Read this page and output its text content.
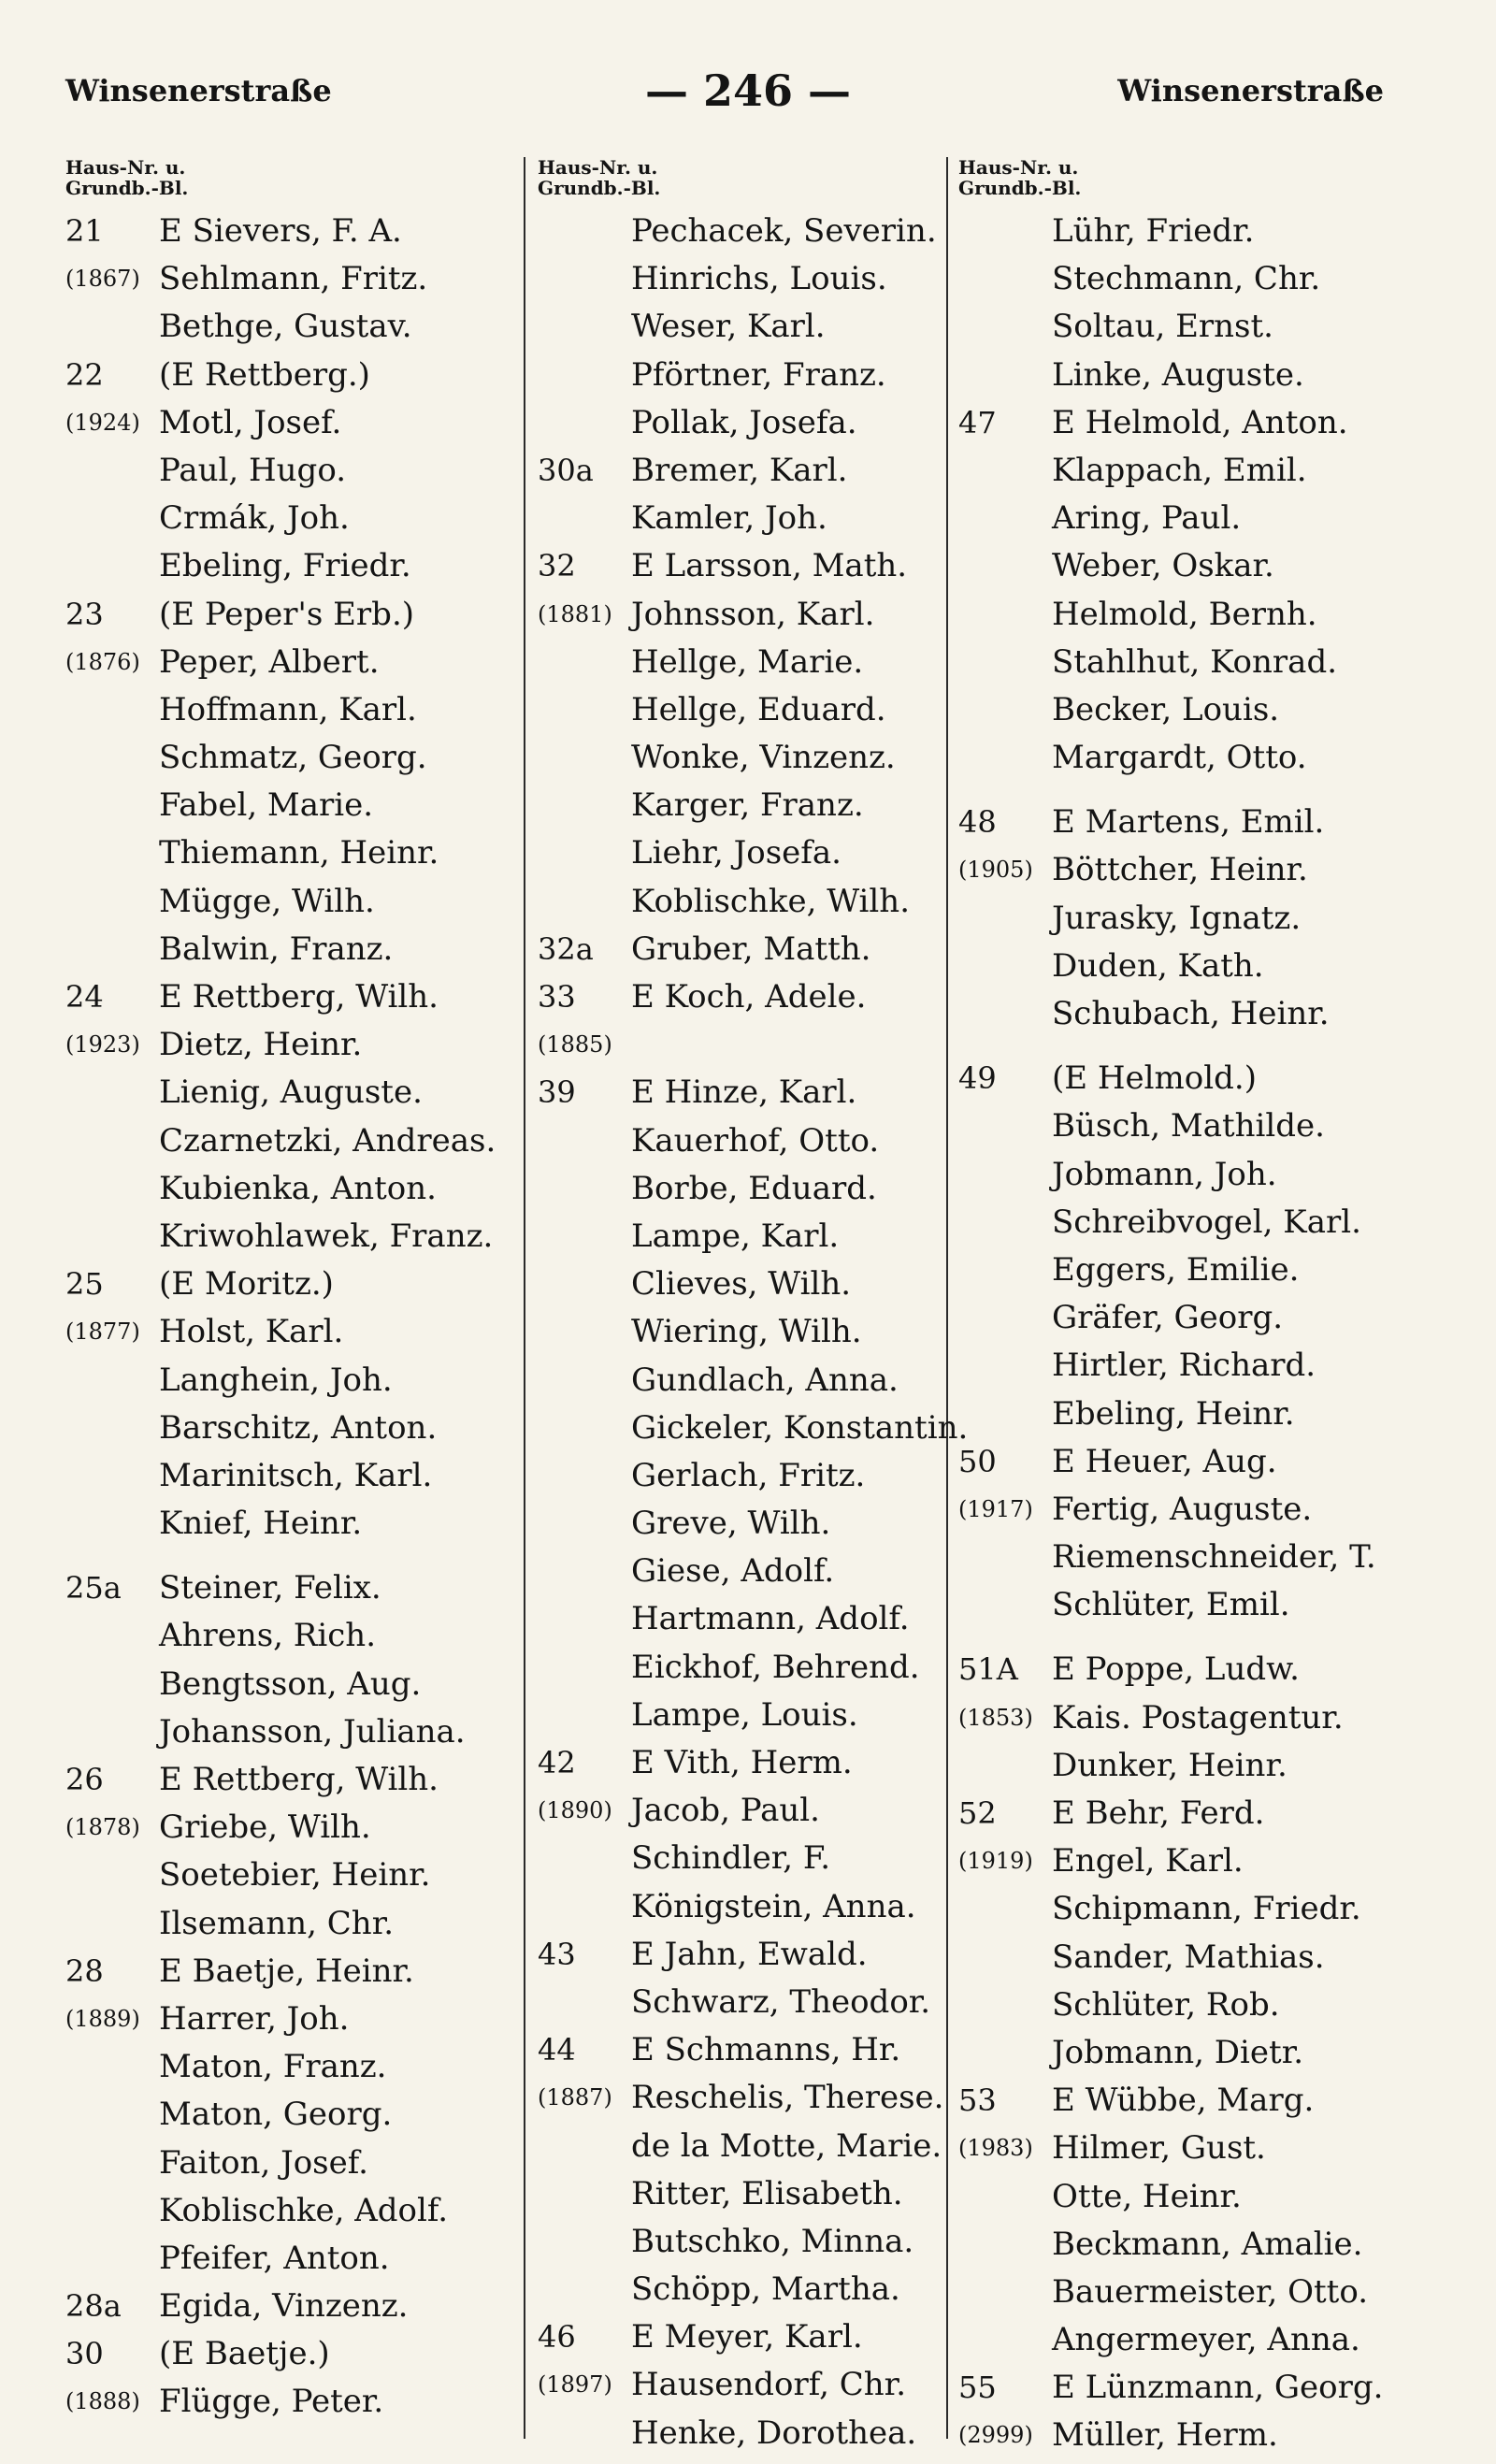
Winsenerstraße	— 246 —	Winsenerstraße
Haus-Nr. u.
Grundb.-Bl.
21 E Sievers, F. A.
(1867) Sehlmann, Fritz.
Bethge, Gustav.
22 (E Rettberg.)
(1924) Motl, Josef.
Paul, Hugo.
Crmák, Joh.
Ebeling, Friedr.
23 (E Peper's Erb.)
(1876) Peper, Albert.
Hoffmann, Karl.
Schmatz, Georg.
Fabel, Marie.
Thiemann, Heinr.
Mügge, Wilh.
Balwin, Franz.
24 E Rettberg, Wilh.
(1923) Dietz, Heinr.
Lienig, Auguste.
Czarnetzki, Andreas.
Kubienka, Anton.
Kriwohlawek, Franz.
25 (E Moritz.)
(1877) Holst, Karl.
Langhein, Joh.
Barschitz, Anton.
Marinitsch, Karl.
Knief, Heinr.
25a Steiner, Felix.
Ahrens, Rich.
Bengtsson, Aug.
Johansson, Juliana.
26 E Rettberg, Wilh.
(1878) Griebe, Wilh.
Soetebier, Heinr.
Ilsemann, Chr.
28 E Baetje, Heinr.
(1889) Harrer, Joh.
Maton, Franz.
Maton, Georg.
Faiton, Josef.
Koblischke, Adolf.
Pfeifer, Anton.
28a Egida, Vinzenz.
30 (E Baetje.)
(1888) Flügge, Peter.
Haus-Nr. u.
Grundb.-Bl.
Pechacek, Severin.
Hinrichs, Louis.
Weser, Karl.
Pförtner, Franz.
Pollak, Josefa.
30a Bremer, Karl.
Kamler, Joh.
32 E Larsson, Math.
(1881) Johnsson, Karl.
Hellge, Marie.
Hellge, Eduard.
Wonke, Vinzenz.
Karger, Franz.
Liehr, Josefa.
Koblischke, Wilh.
32a Gruber, Matth.
33 E Koch, Adele.
(1885)
39 E Hinze, Karl.
Kauerhof, Otto.
Borbe, Eduard.
Lampe, Karl.
Clieves, Wilh.
Wiering, Wilh.
Gundlach, Anna.
Gickeler, Konstantin.
Gerlach, Fritz.
Greve, Wilh.
Giese, Adolf.
Hartmann, Adolf.
Eickhof, Behrend.
Lampe, Louis.
42 E Vith, Herm.
(1890) Jacob, Paul.
Schindler, F.
Königstein, Anna.
43 E Jahn, Ewald.
Schwarz, Theodor.
44 E Schmanns, Hr.
(1887) Reschelis, Therese.
de la Motte, Marie.
Ritter, Elisabeth.
Butschko, Minna.
Schöpp, Martha.
46 E Meyer, Karl.
(1897) Hausendorf, Chr.
Henke, Dorothea.
Haus-Nr. u.
Grundb.-Bl.
Lühr, Friedr.
Stechmann, Chr.
Soltau, Ernst.
Linke, Auguste.
47 E Helmold, Anton.
Klappach, Emil.
Aring, Paul.
Weber, Oskar.
Helmold, Bernh.
Stahlhut, Konrad.
Becker, Louis.
Margardt, Otto.
48 E Martens, Emil.
(1905) Böttcher, Heinr.
Jurasky, Ignatz.
Duden, Kath.
Schubach, Heinr.
49 (E Helmold.)
Büsch, Mathilde.
Jobmann, Joh.
Schreibvogel, Karl.
Eggers, Emilie.
Gräfer, Georg.
Hirtler, Richard.
Ebeling, Heinr.
50 E Heuer, Aug.
(1917) Fertig, Auguste.
Riemenschneider, T.
Schlüter, Emil.
51A E Poppe, Ludw.
(1853) Kais. Postagentur.
Dunker, Heinr.
52 E Behr, Ferd.
(1919) Engel, Karl.
Schipmann, Friedr.
Sander, Mathias.
Schlüter, Rob.
Jobmann, Dietr.
53 E Wübbe, Marg.
(1983) Hilmer, Gust.
Otte, Heinr.
Beckmann, Amalie.
Bauermeister, Otto.
Angermeyer, Anna.
55 E Lünzmann, Georg.
(2999) Müller, Herm.
